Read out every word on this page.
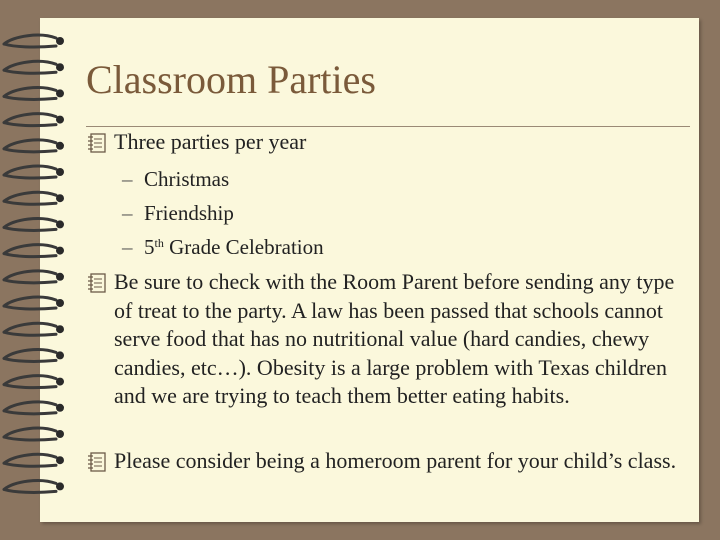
Classroom Parties
Three parties per year
– Christmas
– Friendship
– 5th Grade Celebration
Be sure to check with the Room Parent before sending any type of treat to the party. A law has been passed that schools cannot serve food that has no nutritional value (hard candies, chewy candies, etc…). Obesity is a large problem with Texas children and we are trying to teach them better eating habits.
Please consider being a homeroom parent for your child’s class.
